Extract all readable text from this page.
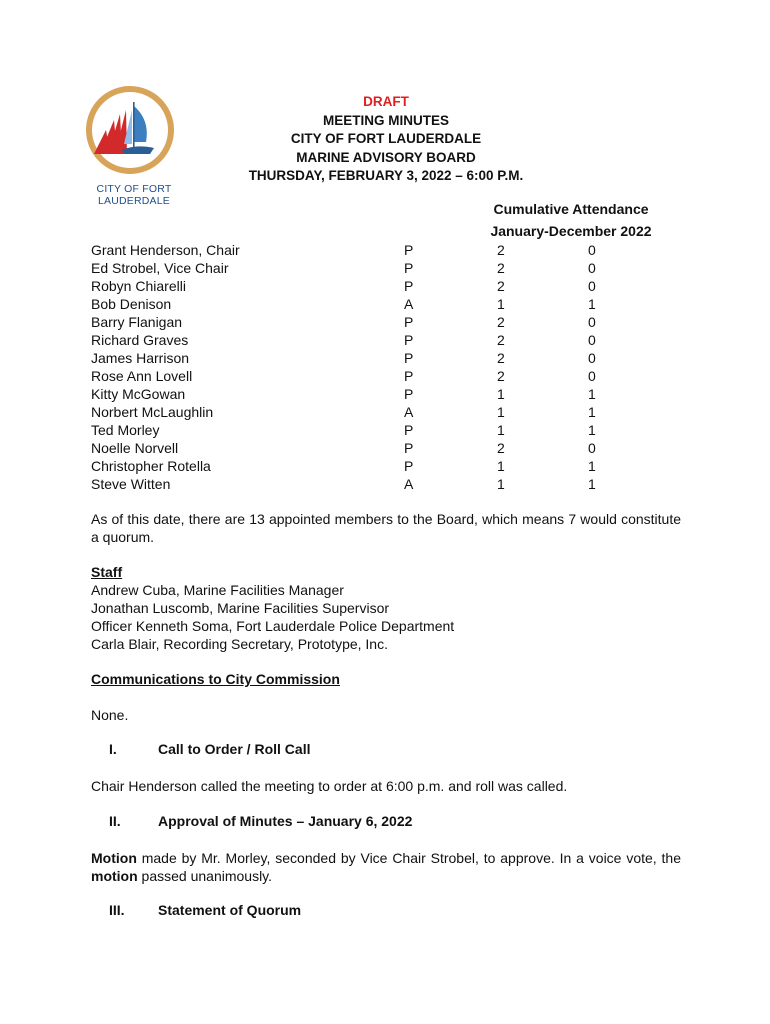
CITY OF FORT LAUDERDALE
DRAFT
MEETING MINUTES
CITY OF FORT LAUDERDALE
MARINE ADVISORY BOARD
THURSDAY, FEBRUARY 3, 2022 – 6:00 P.M.
Cumulative Attendance
January-December 2022
Grant Henderson, Chair	P	2	0
Ed Strobel, Vice Chair	P	2	0
Robyn Chiarelli	P	2	0
Bob Denison	A	1	1
Barry Flanigan	P	2	0
Richard Graves	P	2	0
James Harrison	P	2	0
Rose Ann Lovell	P	2	0
Kitty McGowan	P	1	1
Norbert McLaughlin	A	1	1
Ted Morley	P	1	1
Noelle Norvell	P	2	0
Christopher Rotella	P	1	1
Steve Witten	A	1	1
As of this date, there are 13 appointed members to the Board, which means 7 would constitute a quorum.
Staff
Andrew Cuba, Marine Facilities Manager
Jonathan Luscomb, Marine Facilities Supervisor
Officer Kenneth Soma, Fort Lauderdale Police Department
Carla Blair, Recording Secretary, Prototype, Inc.
Communications to City Commission
None.
I.	Call to Order / Roll Call
Chair Henderson called the meeting to order at 6:00 p.m. and roll was called.
II.	Approval of Minutes – January 6, 2022
Motion made by Mr. Morley, seconded by Vice Chair Strobel, to approve. In a voice vote, the motion passed unanimously.
III. Statement of Quorum
